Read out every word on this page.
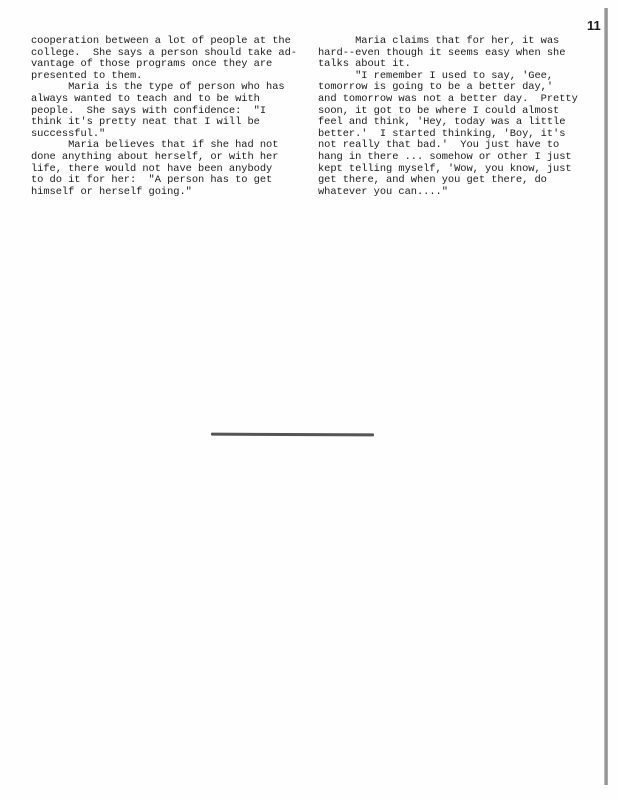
11

cooperation between a lot of people at the

college.  She says a person should take ad-

vantage of those programs once they are

presented to them.

Maria is the type of person who has

always wanted to teach and to be with

people.  She says with confidence:  "I

think it's pretty neat that I will be

successful."

Maria believes that if she had not

done anything about herself, or with her

life, there would not have been anybody

to do it for her:  "A person has to get

himself or herself going."

Maria claims that for her, it was

hard--even though it seems easy when she

talks about it.

"I remember I used to say, 'Gee,

tomorrow is going to be a better day,'

and tomorrow was not a better day.  Pretty

soon, it got to be where I could almost

feel and think, 'Hey, today was a little

better.'  I started thinking, 'Boy, it's

not really that bad.'  You just have to

hang in there ... somehow or other I just

kept telling myself, 'Wow, you know, just

get there, and when you get there, do

whatever you can...."
